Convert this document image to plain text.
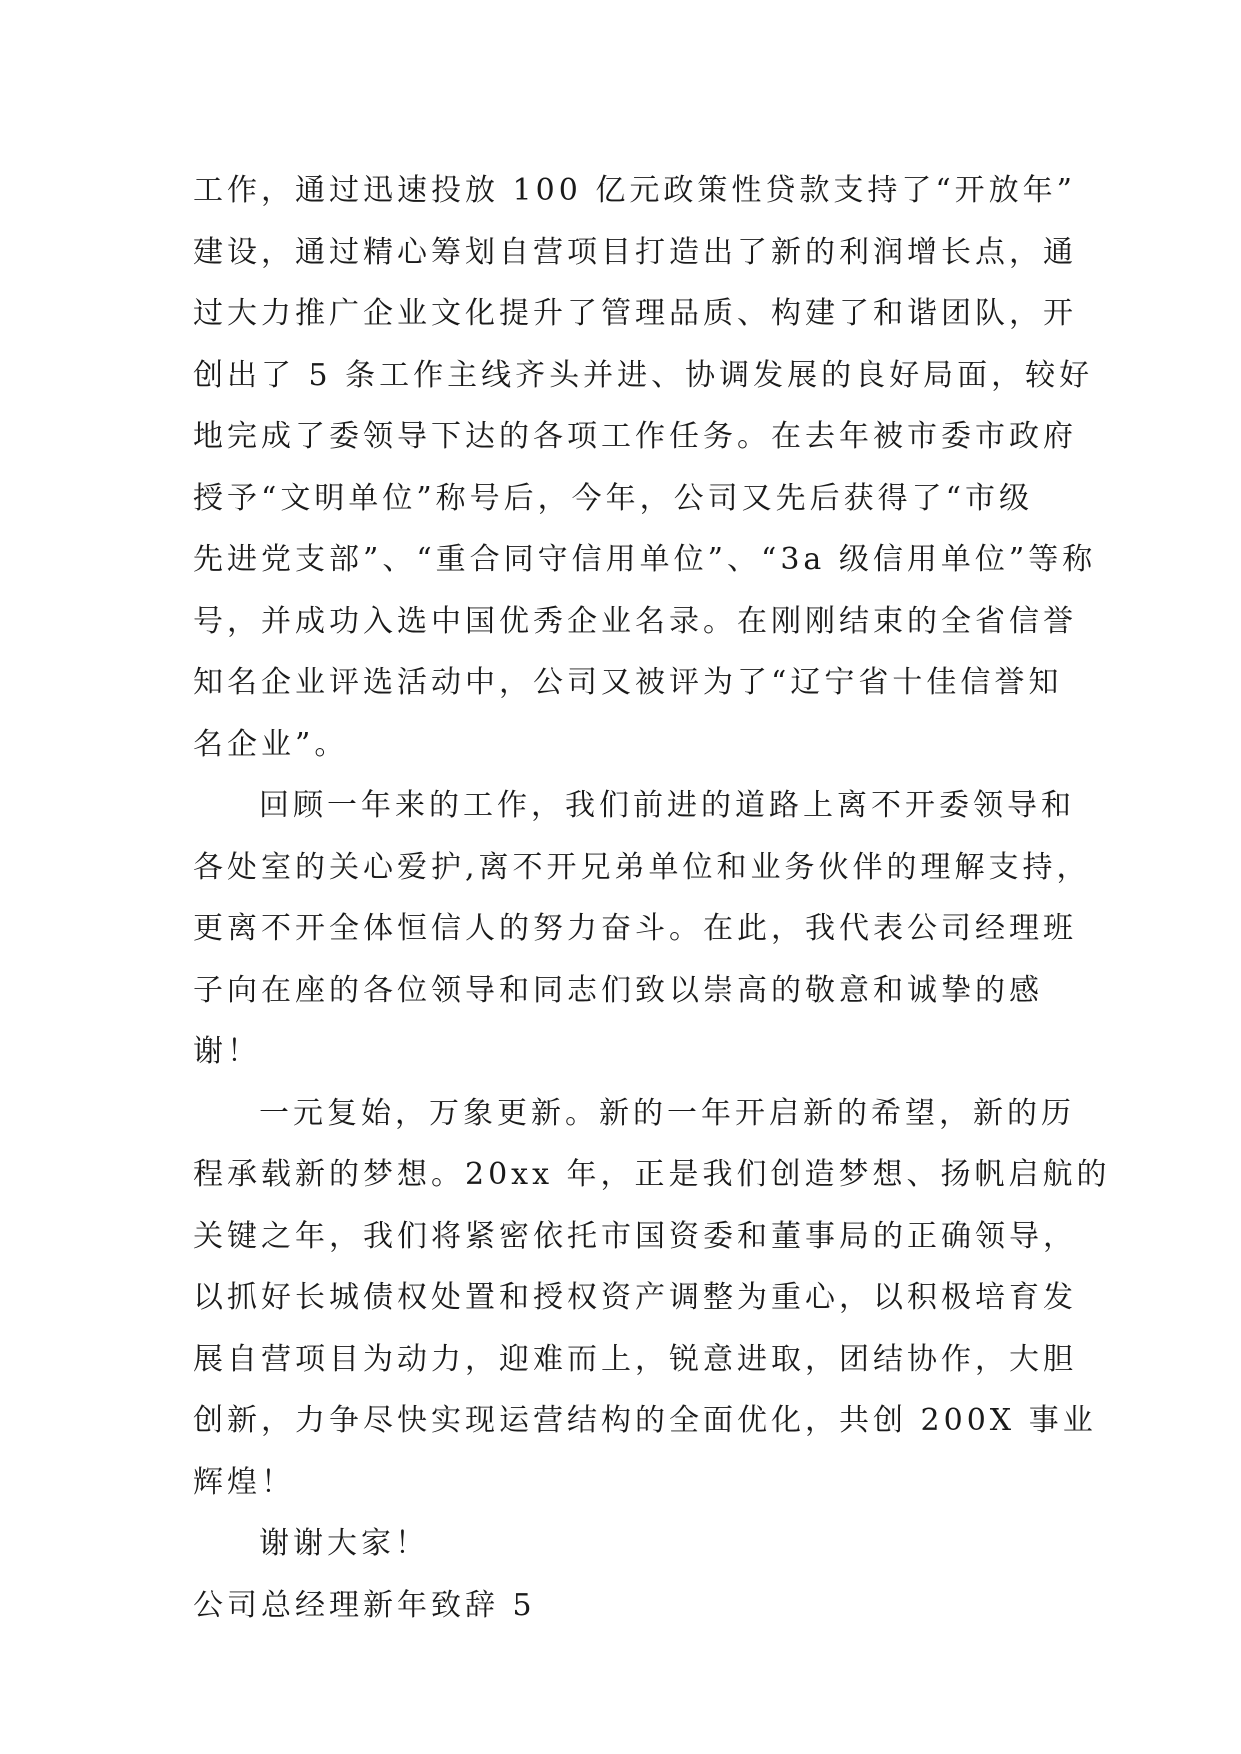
工作，通过迅速投放 100 亿元政策性贷款支持了“开放年”
建设，通过精心筹划自营项目打造出了新的利润增长点，通
过大力推广企业文化提升了管理品质、构建了和谐团队，开
创出了 5 条工作主线齐头并进、协调发展的良好局面，较好
地完成了委领导下达的各项工作任务。在去年被市委市政府
授予“文明单位”称号后，今年，公司又先后获得了“市级
先进党支部”、“重合同守信用单位”、“3a 级信用单位”等称
号，并成功入选中国优秀企业名录。在刚刚结束的全省信誉
知名企业评选活动中，公司又被评为了“辽宁省十佳信誉知
名企业”。
回顾一年来的工作，我们前进的道路上离不开委领导和
各处室的关心爱护,离不开兄弟单位和业务伙伴的理解支持，
更离不开全体恒信人的努力奋斗。在此，我代表公司经理班
子向在座的各位领导和同志们致以崇高的敬意和诚挚的感
谢！
一元复始，万象更新。新的一年开启新的希望，新的历
程承载新的梦想。20xx 年，正是我们创造梦想、扬帆启航的
关键之年，我们将紧密依托市国资委和董事局的正确领导，
以抓好长城债权处置和授权资产调整为重心，以积极培育发
展自营项目为动力，迎难而上，锐意进取，团结协作，大胆
创新，力争尽快实现运营结构的全面优化，共创 200X 事业
辉煌！
谢谢大家！
公司总经理新年致辞 5
